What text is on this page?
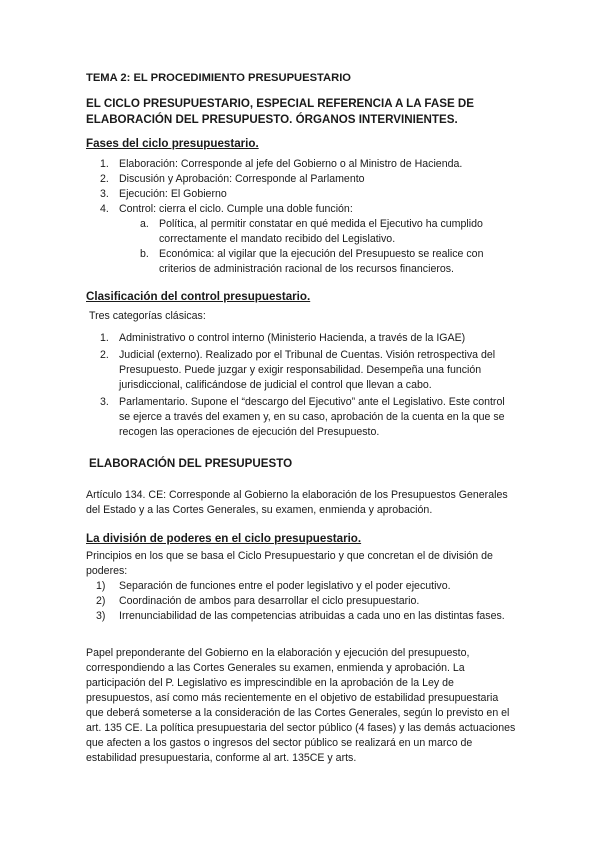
TEMA 2: EL PROCEDIMIENTO PRESUPUESTARIO
EL CICLO PRESUPUESTARIO, ESPECIAL REFERENCIA A LA FASE DE ELABORACIÓN DEL PRESUPUESTO. ÓRGANOS INTERVINIENTES.
Fases del ciclo presupuestario.
1. Elaboración: Corresponde al jefe del Gobierno o al Ministro de Hacienda.
2. Discusión y Aprobación: Corresponde al Parlamento
3. Ejecución: El Gobierno
4. Control: cierra el ciclo. Cumple una doble función:
a. Política, al permitir constatar en qué medida el Ejecutivo ha cumplido correctamente el mandato recibido del Legislativo.
b. Económica: al vigilar que la ejecución del Presupuesto se realice con criterios de administración racional de los recursos financieros.
Clasificación del control presupuestario.

Tres categorías clásicas:

1. Administrativo o control interno (Ministerio Hacienda, a través de la IGAE)
2. Judicial (externo). Realizado por el Tribunal de Cuentas. Visión retrospectiva del Presupuesto. Puede juzgar y exigir responsabilidad. Desempeña una función jurisdiccional, calificándose de judicial el control que llevan a cabo.
3. Parlamentario. Supone el “descargo del Ejecutivo” ante el Legislativo. Este control se ejerce a través del examen y, en su caso, aprobación de la cuenta en la que se recogen las operaciones de ejecución del Presupuesto.
ELABORACIÓN DEL PRESUPUESTO

Artículo 134. CE: Corresponde al Gobierno la elaboración de los Presupuestos Generales del Estado y a las Cortes Generales, su examen, enmienda y aprobación.

La división de poderes en el ciclo presupuestario.

Principios en los que se basa el Ciclo Presupuestario y que concretan el de división de poderes:

1) Separación de funciones entre el poder legislativo y el poder ejecutivo.
2) Coordinación de ambos para desarrollar el ciclo presupuestario.
3) Irrenunciabilidad de las competencias atribuidas a cada uno en las distintas fases.

Papel preponderante del Gobierno en la elaboración y ejecución del presupuesto, correspondiendo a las Cortes Generales su examen, enmienda y aprobación. La participación del P. Legislativo es imprescindible en la aprobación de la Ley de presupuestos, así como más recientemente en el objetivo de estabilidad presupuestaria que deberá someterse a la consideración de las Cortes Generales, según lo previsto en el art. 135 CE. La política presupuestaria del sector público (4 fases) y las demás actuaciones que afecten a los gastos o ingresos del sector público se realizará en un marco de estabilidad presupuestaria, conforme al art. 135CE y arts.
